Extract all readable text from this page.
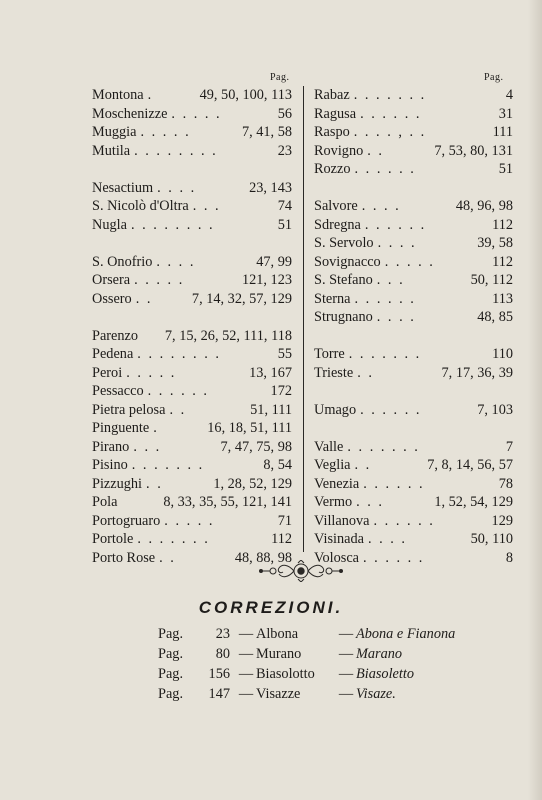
Pag.	Pag.
Montona .	49, 50, 100, 113
Moschenizze . . . . .	56
Muggia . . . . .	7, 41, 58
Mutila . . . . . . . .	23
Nesactium . . . .	23, 143
S. Nicolò d'Oltra . . .	74
Nugla . . . . . . . .	51
S. Onofrio . . . .	47, 99
Orsera . . . . .	121, 123
Ossero . .	7, 14, 32, 57, 129
Parenzo 7, 15, 26, 52, 111, 118
Pedena . . . . . . . .	55
Peroi . . . . .	13, 167
Pessacco . . . . . .	172
Pietra pelosa . .	51, 111
Pinguente .	16, 18, 51, 111
Pirano . . .	7, 47, 75, 98
Pisino . . . . . . .	8, 54
Pizzughi . .	1, 28, 52, 129
Pola	8, 33, 35, 55, 121, 141
Portogruaro . . . . .	71
Portole . . . . . . .	112
Porto Rose . .	48, 88, 98
Rabaz . . . . . . .	4
Ragusa . . . . . .	31
Raspo . . . . , . .	111
Rovigno . .	7, 53, 80, 131
Rozzo . . . . . .	51
Salvore . . . .	48, 96, 98
Sdregna . . . . . .	112
S. Servolo . . . .	39, 58
Sovignacco . . . . .	112
S. Stefano . . .	50, 112
Sterna . . . . . .	113
Strugnano . . . .	48, 85
Torre . . . . . . .	110
Trieste . .	7, 17, 36, 39
Umago . . . . . .	7, 103
Valle . . . . . . .	7
Veglia . .	7, 8, 14, 56, 57
Venezia . . . . . .	78
Vermo . . .	1, 52, 54, 129
Villanova . . . . . .	129
Visinada . . . .	50, 110
Volosca . . . . . .	8
CORREZIONI.
Pag. 23 — Albona	— Abona e Fianona
Pag. 80 — Murano	— Marano
Pag. 156 — Biasolotto — Biasoletto
Pag. 147 — Visazze	— Visaze.
